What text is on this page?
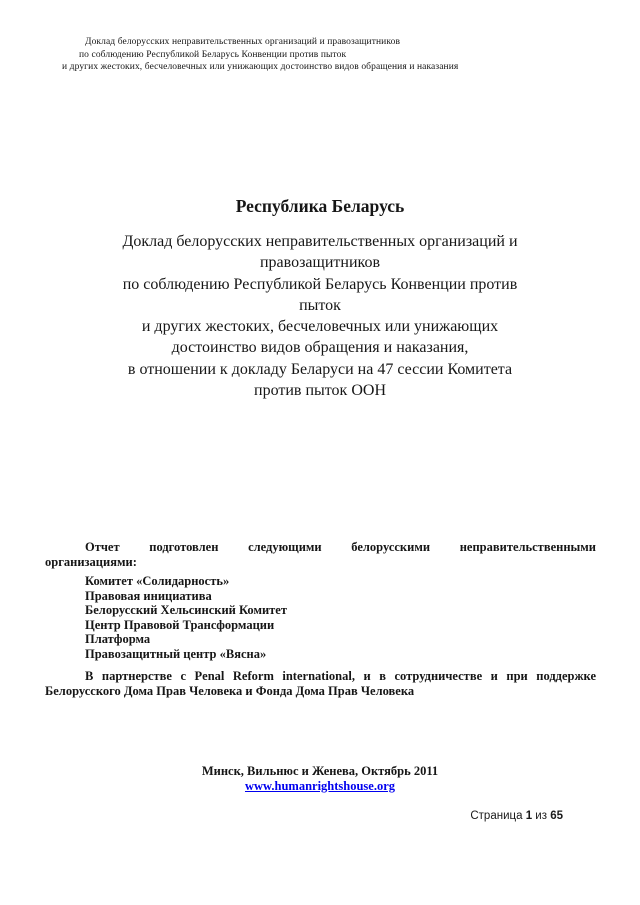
Доклад белорусских неправительственных организаций и правозащитников
по соблюдению Республикой Беларусь Конвенции против пыток
и других жестоких, бесчеловечных или унижающих достоинство видов обращения и наказания
Республика Беларусь
Доклад белорусских неправительственных организаций и
правозащитников
по соблюдению Республикой Беларусь Конвенции против
пыток
и других жестоких, бесчеловечных или унижающих
достоинство видов обращения и наказания,
в отношении к докладу Беларуси на 47 сессии Комитета
против пыток ООН
Отчет подготовлен следующими белорусскими неправительственными
организациями:
Комитет «Солидарность»
Правовая инициатива
Белорусский Хельсинский Комитет
Центр Правовой Трансформации
Платформа
Правозащитный центр «Вясна»
В партнерстве с Penal Reform international, и в сотрудничестве и при поддержке
Белорусского Дома Прав Человека и Фонда Дома Прав Человека
Минск, Вильнюс и Женева, Октябрь 2011
www.humanrightshouse.org
Страница 1 из 65
